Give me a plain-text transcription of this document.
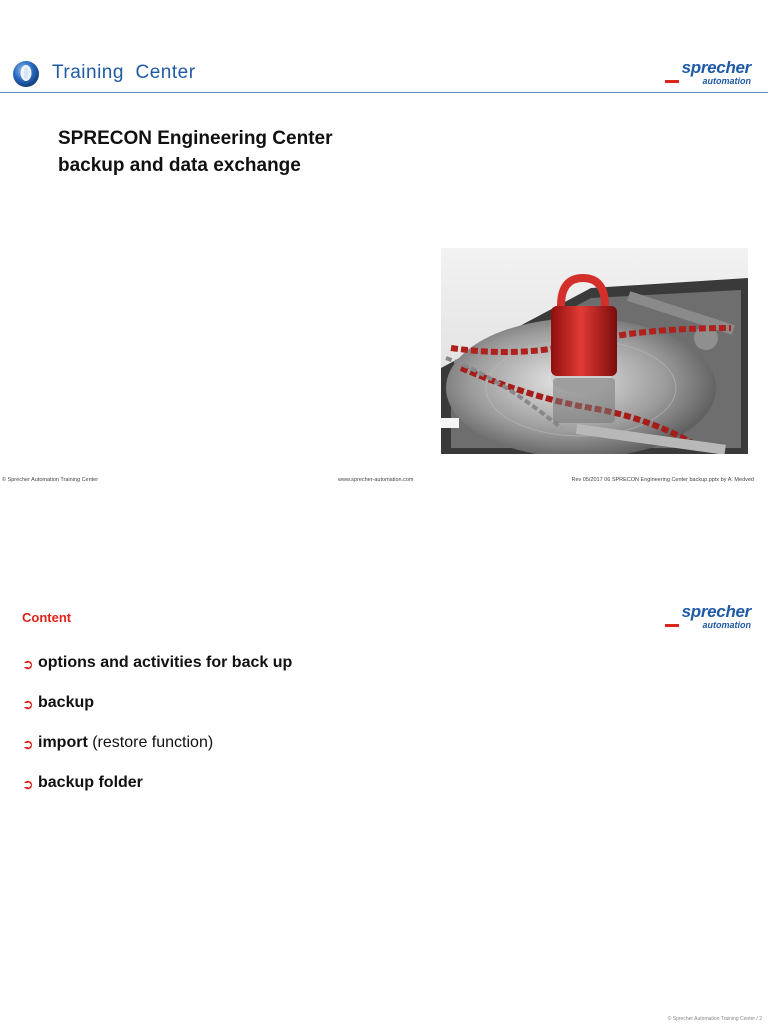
Training  Center	sprecher
automation
SPRECON Engineering Center
backup and data exchange
© Sprecher Automation Training Center	www.sprecher-automation.com	Rev 05/2017 06 SPRECON Engineering Center backup.pptx by A. Medved
Content	sprecher
automation
➲ options and activities for back up
➲ backup
➲ import (restore function)
➲ backup folder
© Sprecher Automation Training Center / 2
